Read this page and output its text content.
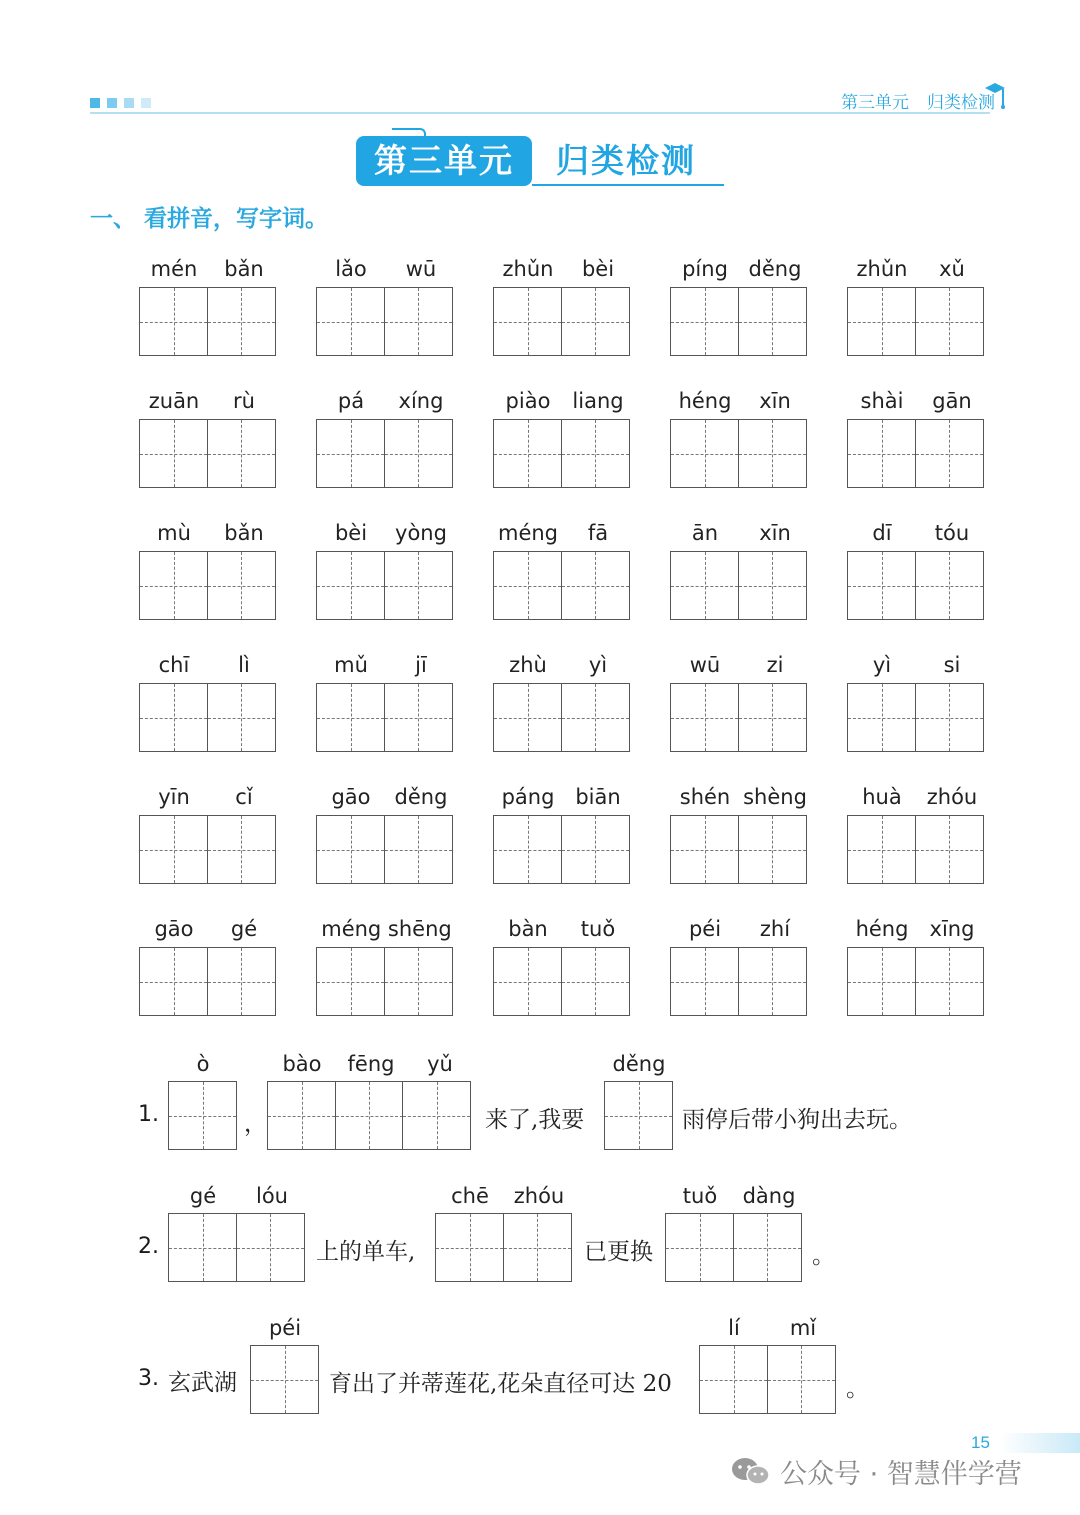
第三单元 归类检测
第三单元	归类检测
一、 看拼音，写字词。
mén	bǎn	lǎo	wū	zhǔn	bèi	píng děng	zhǔn	xǔ
zuān	rù	pá	xíng	piào	liang	héng	xīn	shài	gān
mù	bǎn	bèi	yòng	méng	fā	ān	xīn	dī	tóu
chī	lì	mǔ	jī	zhù	yì	wū	zi	yì	si
yīn	cǐ	gāo	děng	páng biān	shén shèng	huà	zhóu
gāo	gé	méng shēng	bàn	tuǒ	péi	zhí	héng	xīng
1.
ò
，
bào	fēng	yǔ
来了,我要
děng
雨停后带小狗出去玩。
2.
gé	lóu
上的单车,
chē	zhóu
已更换
tuǒ	dàng
。
3. 玄武湖
péi
育出了并蒂莲花,花朵直径可达 20
lí	mǐ
。
15
公众号 · 智慧伴学营
